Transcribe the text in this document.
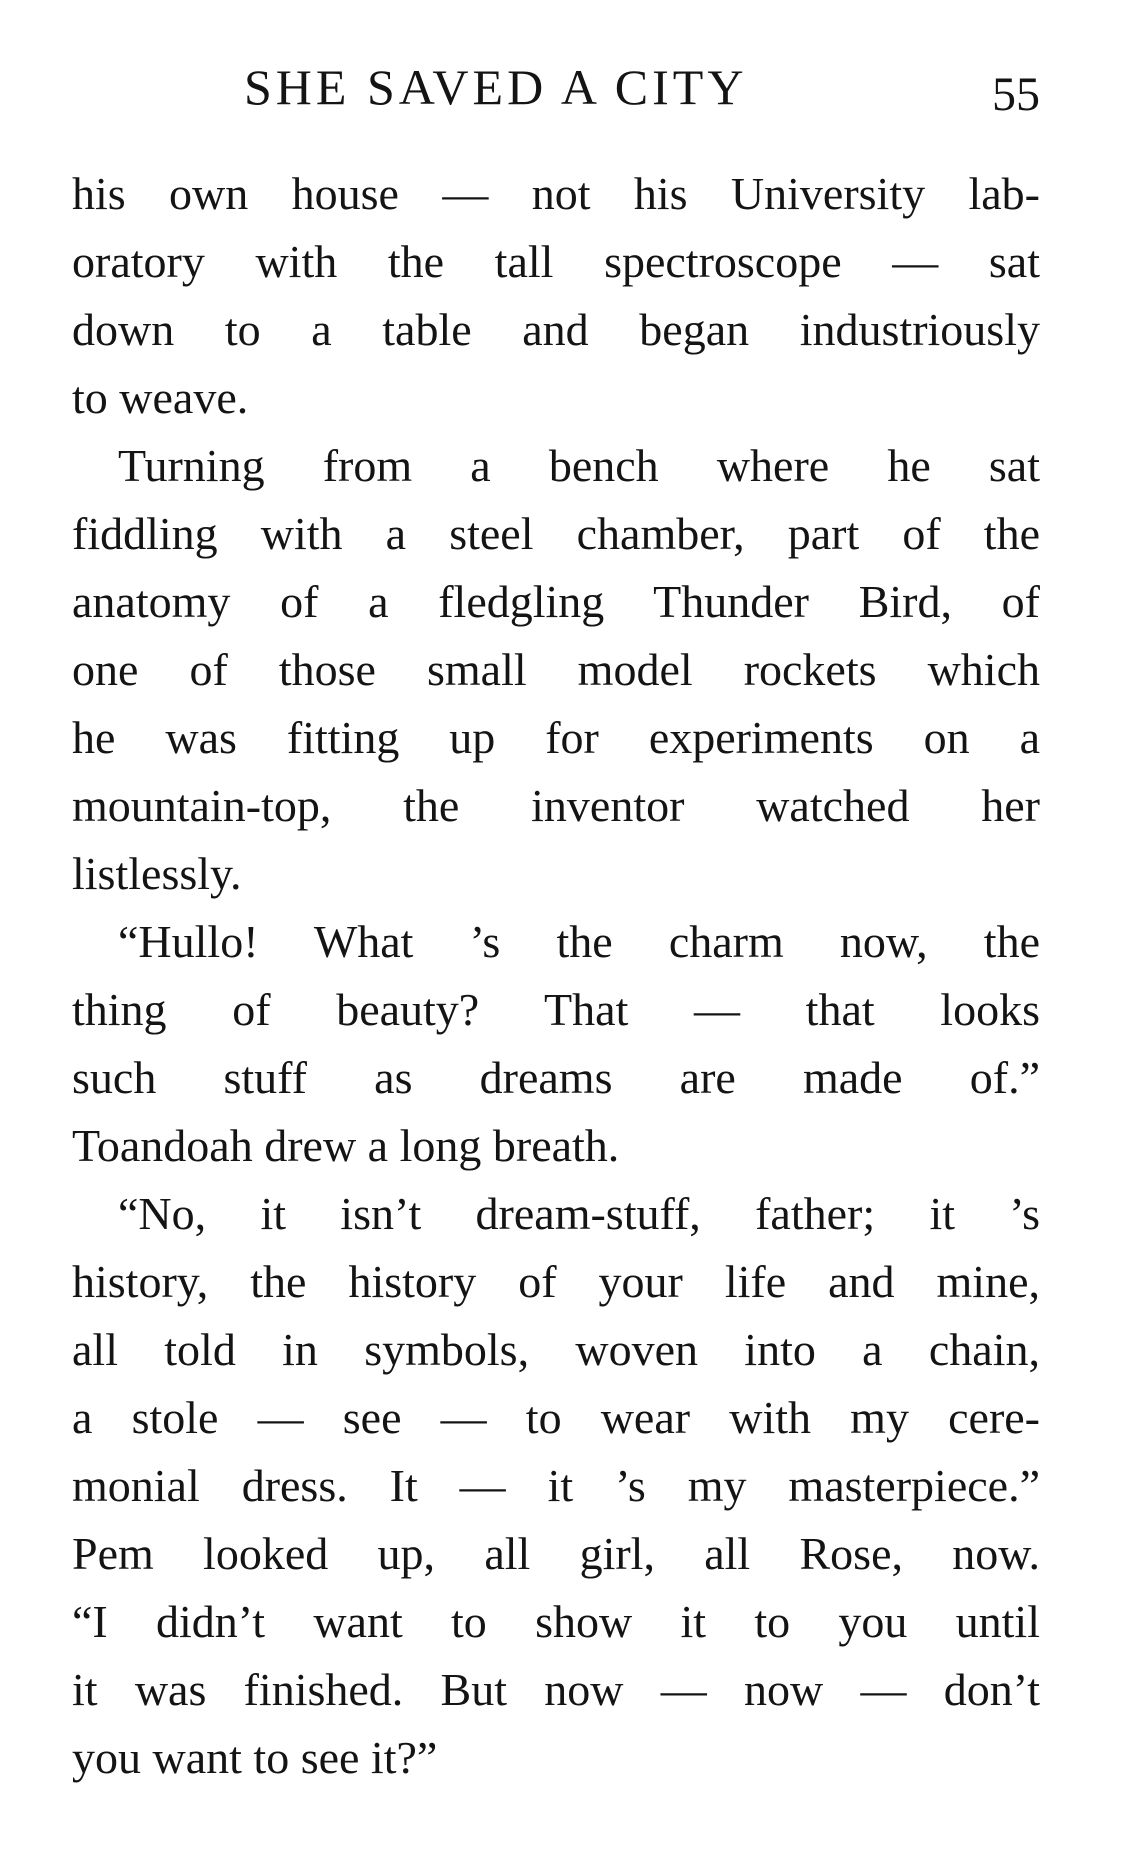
SHE SAVED A CITY	55
his own house — not his University lab-
oratory with the tall spectroscope — sat
down to a table and began industriously
to weave.
Turning from a bench where he sat
fiddling with a steel chamber, part of the
anatomy of a fledgling Thunder Bird, of
one of those small model rockets which
he was fitting up for experiments on a
mountain-top, the inventor watched her
listlessly.
“Hullo! What ’s the charm now, the
thing of beauty? That — that looks
such stuff as dreams are made of.”
Toandoah drew a long breath.
“No, it isn’t dream-stuff, father; it ’s
history, the history of your life and mine,
all told in symbols, woven into a chain,
a stole — see — to wear with my cere-
monial dress. It — it ’s my masterpiece.”
Pem looked up, all girl, all Rose, now.
“I didn’t want to show it to you until
it was finished. But now — now — don’t
you want to see it?”
